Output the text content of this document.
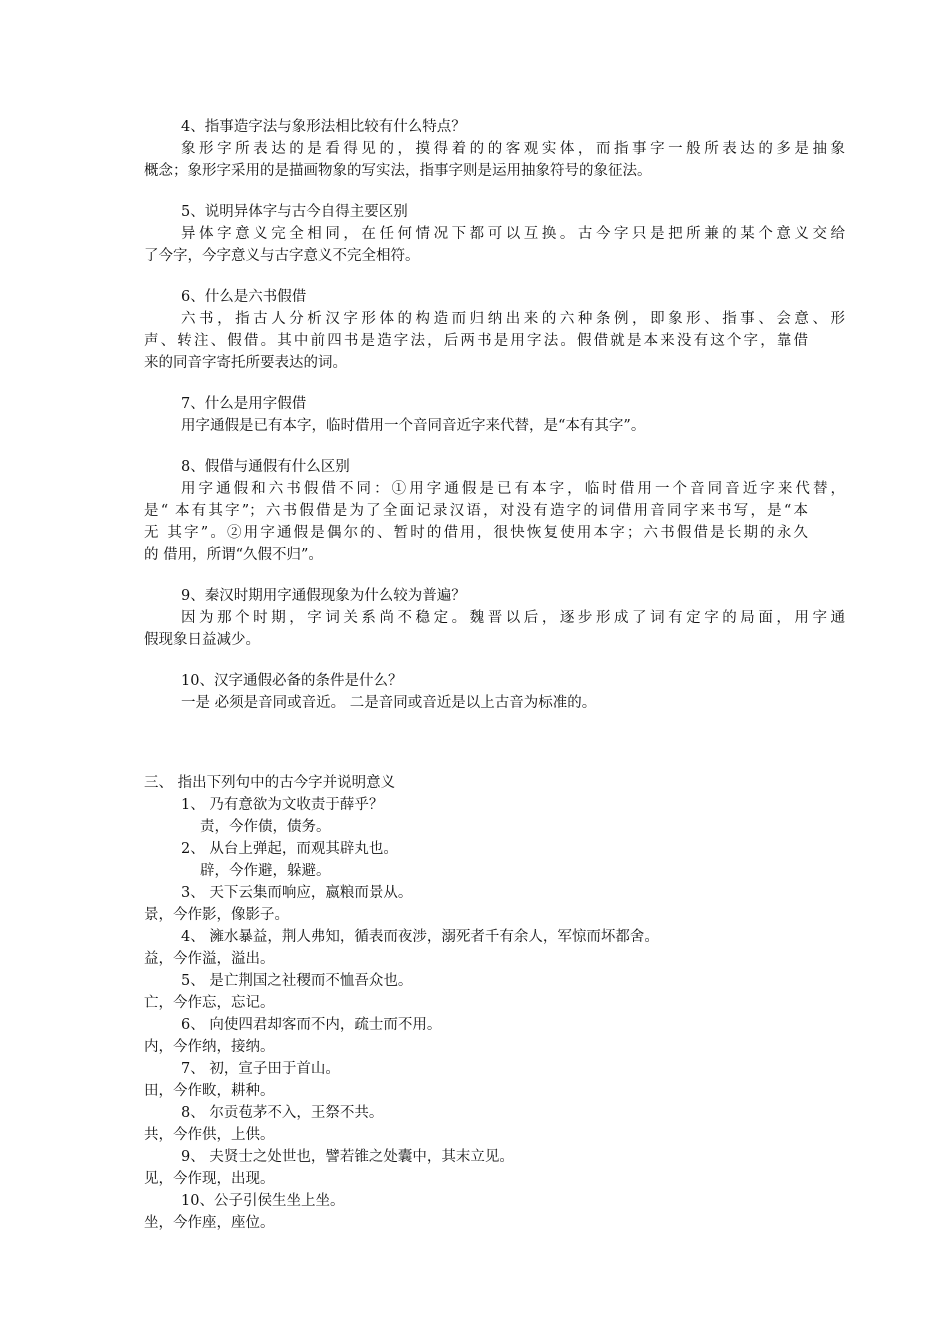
4、指事造字法与象形法相比较有什么特点？
象形字所表达的是看得见的，摸得着的的客观实体，而指事字一般所表达的多是抽象
概念；象形字采用的是描画物象的写实法，指事字则是运用抽象符号的象征法。
5、说明异体字与古今自得主要区别
异体字意义完全相同，在任何情况下都可以互换。古今字只是把所兼的某个意义交给
了今字，今字意义与古字意义不完全相符。
6、什么是六书假借
六书，指古人分析汉字形体的构造而归纳出来的六种条例，即象形、指事、会意、形
声、转注、假借。其中前四书是造字法，后两书是用字法。假借就是本来没有这个字，靠借
来的同音字寄托所要表达的词。
7、什么是用字假借
用字通假是已有本字，临时借用一个音同音近字来代替，是“本有其字”。
8、假借与通假有什么区别
用字通假和六书假借不同：①用字通假是已有本字，临时借用一个音同音近字来代替，
是“ 本有其字”；六书假借是为了全面记录汉语，对没有造字的词借用音同字来书写，是“本
无 其字”。②用字通假是偶尔的、暂时的借用，很快恢复使用本字；六书假借是长期的永久
的 借用，所谓“久假不归”。
9、秦汉时期用字通假现象为什么较为普遍？
因为那个时期，字词关系尚不稳定。魏晋以后，逐步形成了词有定字的局面，用字通
假现象日益减少。
10、汉字通假必备的条件是什么？
一是 必须是音同或音近。 二是音同或音近是以上古音为标准的。
三、 指出下列句中的古今字并说明意义
1、 乃有意欲为文收责于薛乎？
责，今作债，债务。
2、 从台上弹起，而观其辟丸也。
辟，今作避，躲避。
3、 天下云集而响应，嬴粮而景从。
景，今作影，像影子。
4、 澭水暴益，荆人弗知，循表而夜涉，溺死者千有余人，军惊而坏都舍。
益，今作溢，溢出。
5、 是亡荆国之社稷而不恤吾众也。
亡，今作忘，忘记。
6、 向使四君却客而不内，疏士而不用。
内，今作纳，接纳。
7、 初，宣子田于首山。
田，今作畋，耕种。
8、 尔贡苞茅不入，王祭不共。
共，今作供，上供。
9、 夫贤士之处世也，譬若锥之处囊中，其末立见。
见，今作现，出现。
10、公子引侯生坐上坐。
坐，今作座，座位。
